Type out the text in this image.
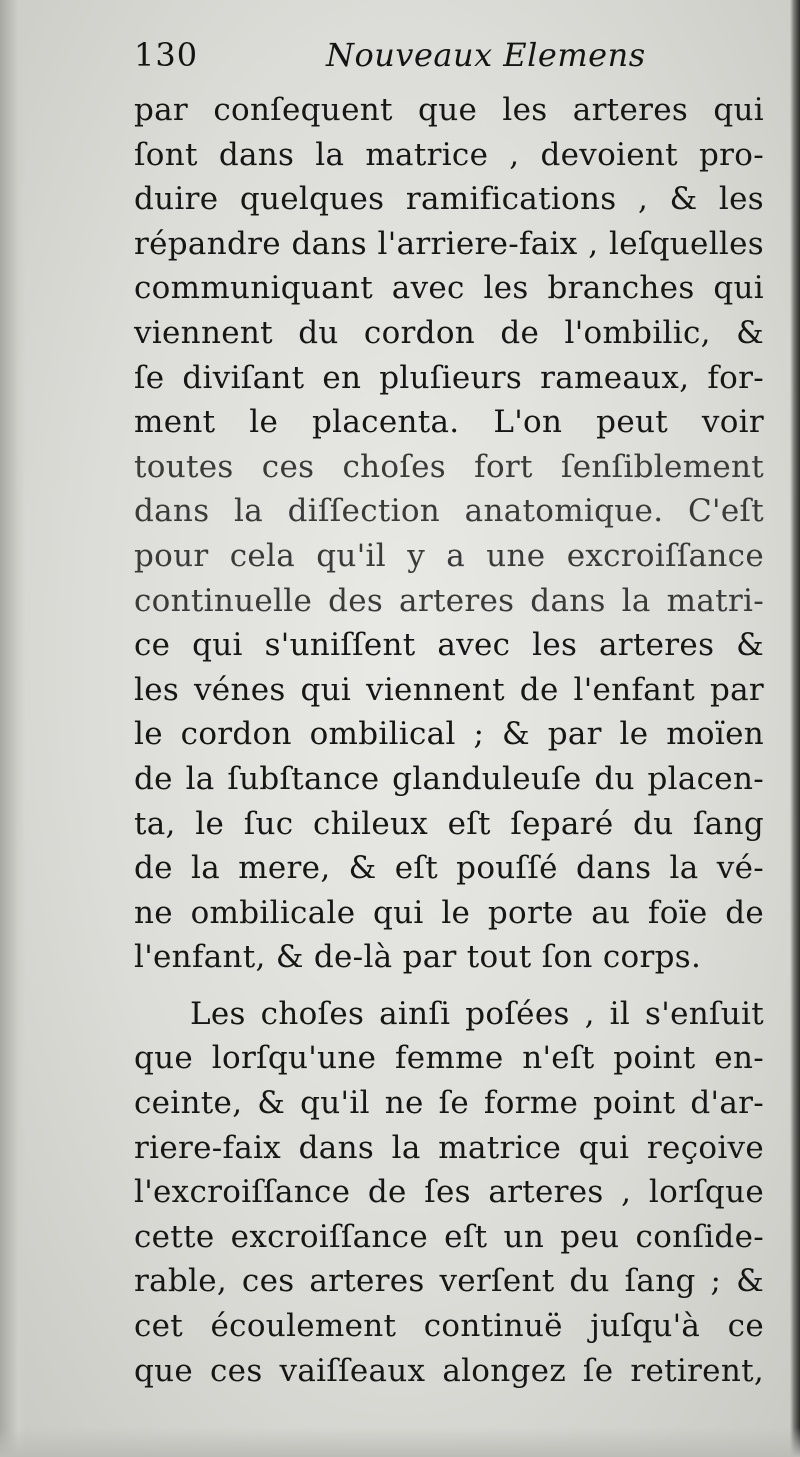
130	Nouveaux Elemens
par conſequent que les arteres qui
ſont dans la matrice , devoient pro-
duire quelques ramifications , & les
répandre dans l'arriere-faix , leſquelles
communiquant avec les branches qui
viennent du cordon de l'ombilic, &
ſe diviſant en pluſieurs rameaux, for-
ment le placenta. L'on peut voir
toutes ces choſes fort ſenſiblement
dans la diſſection anatomique. C'eſt
pour cela qu'il y a une excroiſſance
continuelle des arteres dans la matri-
ce qui s'uniſſent avec les arteres &
les vénes qui viennent de l'enfant par
le cordon ombilical ; & par le moïen
de la ſubſtance glanduleuſe du placen-
ta, le ſuc chileux eſt ſeparé du ſang
de la mere, & eſt pouſſé dans la vé-
ne ombilicale qui le porte au foïe de
l'enfant, & de-là par tout ſon corps.
Les choſes ainſi poſées , il s'enſuit
que lorſqu'une femme n'eſt point en-
ceinte, & qu'il ne ſe forme point d'ar-
riere-faix dans la matrice qui reçoive
l'excroiſſance de ſes arteres , lorſque
cette excroiſſance eſt un peu conſide-
rable, ces arteres verſent du ſang ; &
cet écoulement continuë juſqu'à ce
que ces vaiſſeaux alongez ſe retirent,
